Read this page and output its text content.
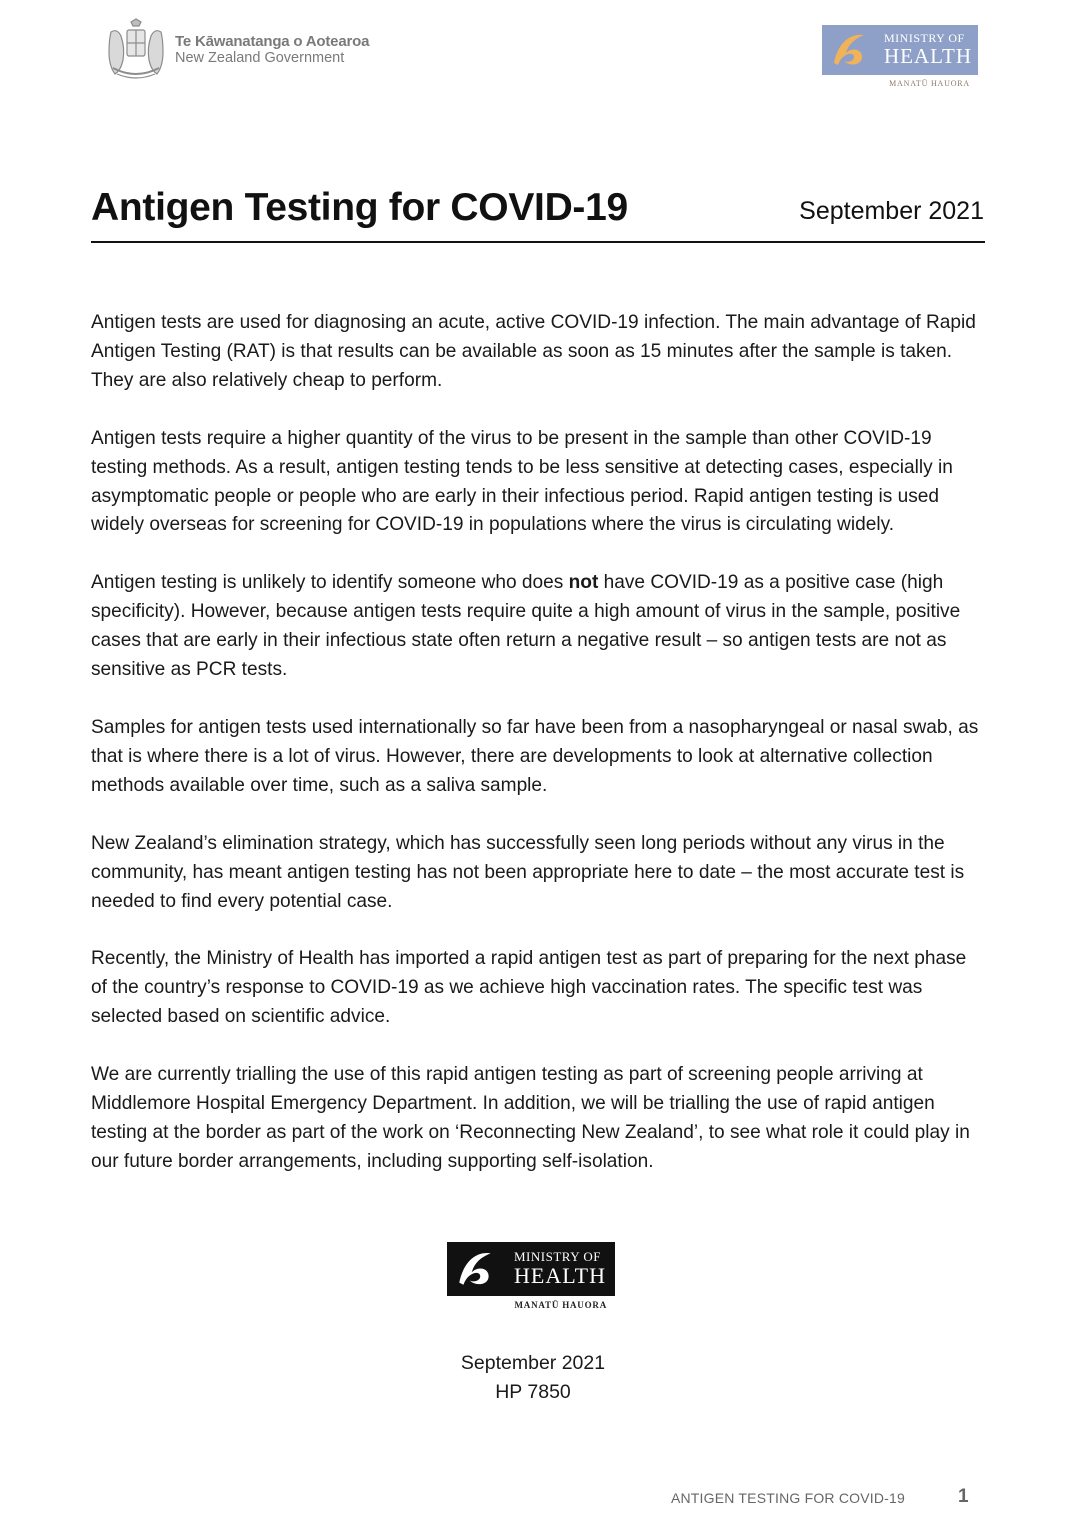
Te Kāwanatanga o Aotearoa
New Zealand Government
MINISTRY OF
HEALTH
MANATŪ HAUORA
Antigen Testing for COVID-19	September 2021

Antigen tests are used for diagnosing an acute, active COVID-19 infection. The main advantage of Rapid Antigen Testing (RAT) is that results can be available as soon as 15 minutes after the sample is taken. They are also relatively cheap to perform.

Antigen tests require a higher quantity of the virus to be present in the sample than other COVID-19 testing methods. As a result, antigen testing tends to be less sensitive at detecting cases, especially in asymptomatic people or people who are early in their infectious period. Rapid antigen testing is used widely overseas for screening for COVID-19 in populations where the virus is circulating widely.

Antigen testing is unlikely to identify someone who does not have COVID-19 as a positive case (high specificity). However, because antigen tests require quite a high amount of virus in the sample, positive cases that are early in their infectious state often return a negative result – so antigen tests are not as sensitive as PCR tests.

Samples for antigen tests used internationally so far have been from a nasopharyngeal or nasal swab, as that is where there is a lot of virus. However, there are developments to look at alternative collection methods available over time, such as a saliva sample.

New Zealand’s elimination strategy, which has successfully seen long periods without any virus in the community, has meant antigen testing has not been appropriate here to date – the most accurate test is needed to find every potential case.

Recently, the Ministry of Health has imported a rapid antigen test as part of preparing for the next phase of the country’s response to COVID-19 as we achieve high vaccination rates. The specific test was selected based on scientific advice.

We are currently trialling the use of this rapid antigen testing as part of screening people arriving at Middlemore Hospital Emergency Department. In addition, we will be trialling the use of rapid antigen testing at the border as part of the work on ‘Reconnecting New Zealand’, to see what role it could play in our future border arrangements, including supporting self-isolation.

MINISTRY OF
HEALTH
MANATŪ HAUORA
September 2021
HP 7850
ANTIGEN TESTING FOR COVID-19	1
